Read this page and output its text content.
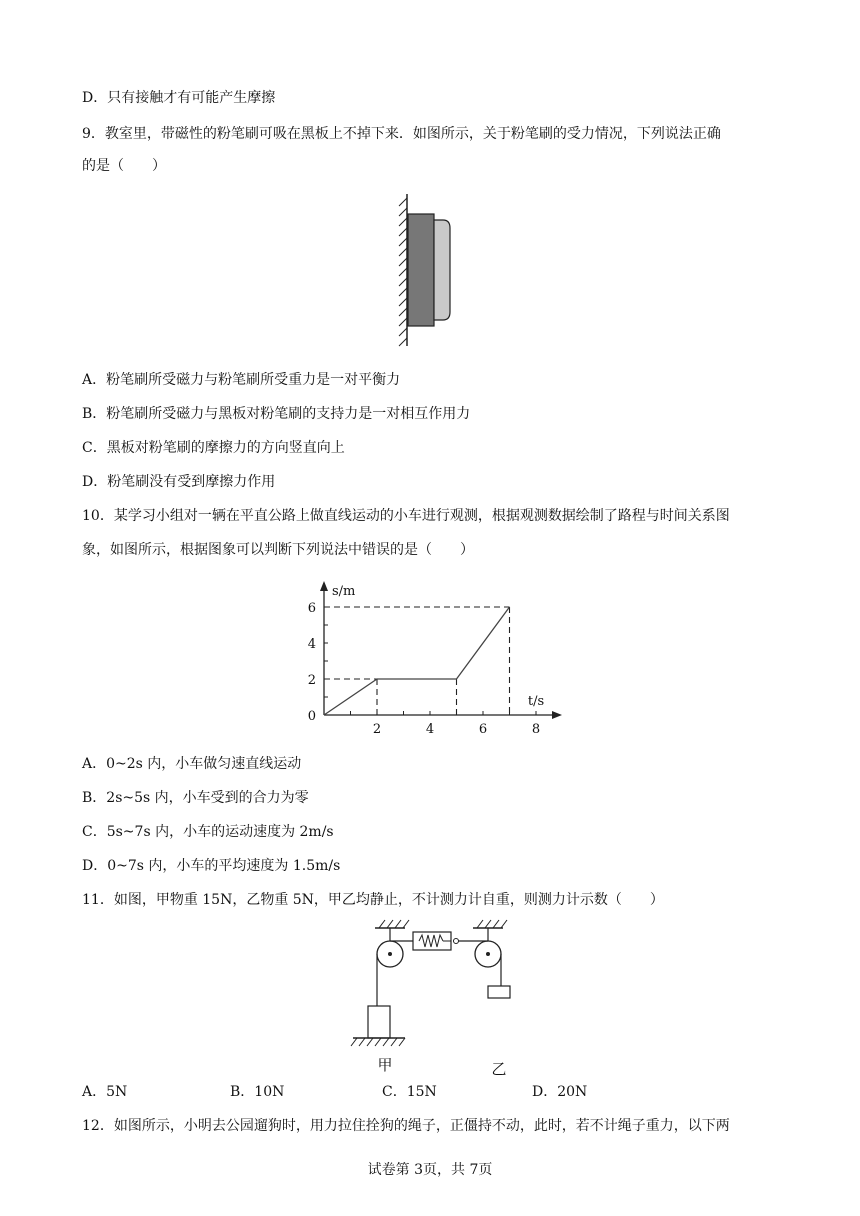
D．只有接触才有可能产生摩擦
9．教室里，带磁性的粉笔刷可吸在黑板上不掉下来．如图所示，关于粉笔刷的受力情况，下列说法正确
的是（　　）
A．粉笔刷所受磁力与粉笔刷所受重力是一对平衡力
B．粉笔刷所受磁力与黑板对粉笔刷的支持力是一对相互作用力
C．黑板对粉笔刷的摩擦力的方向竖直向上
D．粉笔刷没有受到摩擦力作用
10．某学习小组对一辆在平直公路上做直线运动的小车进行观测，根据观测数据绘制了路程与时间关系图
象，如图所示，根据图象可以判断下列说法中错误的是（　　）
2	4	6	8
2
4
6
0
t/s
s/m
A．0~2s 内，小车做匀速直线运动
B．2s~5s 内，小车受到的合力为零
C．5s~7s 内，小车的运动速度为 2m/s
D．0~7s 内，小车的平均速度为 1.5m/s
11．如图，甲物重 15N，乙物重 5N，甲乙均静止，不计测力计自重，则测力计示数（　　）
甲	乙
A．5N	B．10N	C．15N	D．20N
12．如图所示，小明去公园遛狗时，用力拉住拴狗的绳子，正僵持不动，此时，若不计绳子重力，以下两
试卷第 3页，共 7页
